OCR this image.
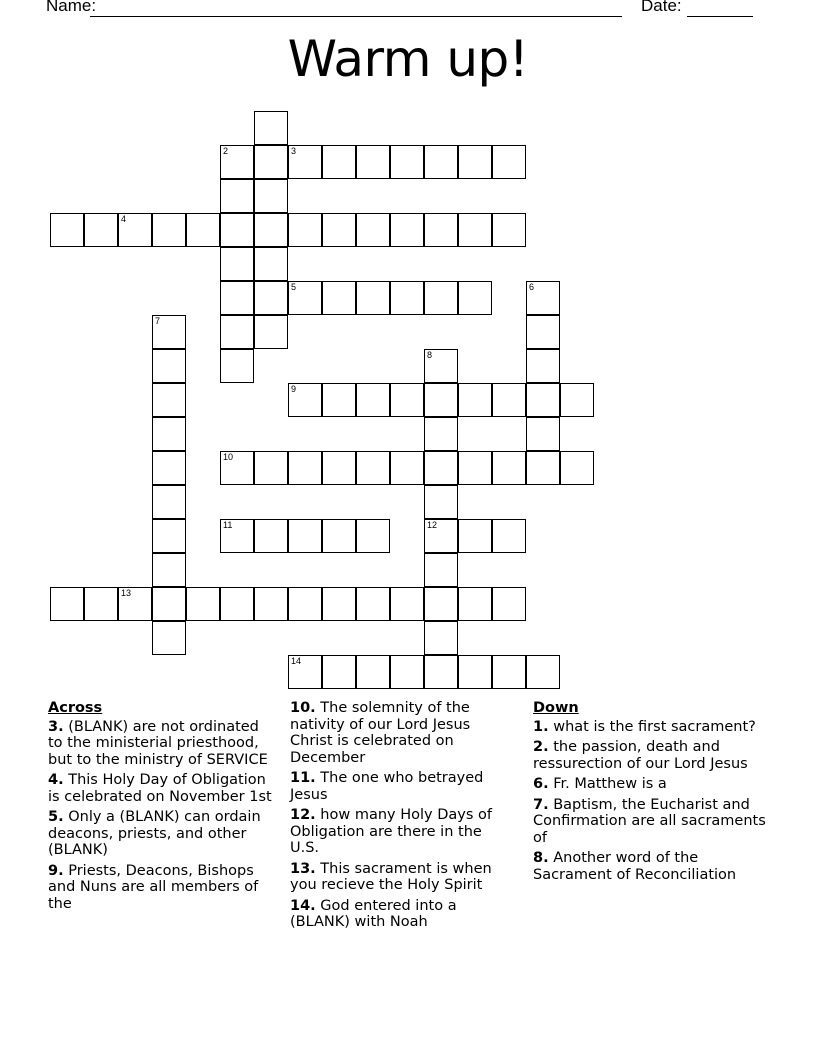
Name:	Date:
Warm up!
2	3
4
5	6
7
8
12
9
10
11
13
14
Across
3. (BLANK) are not ordinated to the ministerial priesthood, but to the ministry of SERVICE
4. This Holy Day of Obligation is celebrated on November 1st
5. Only a (BLANK) can ordain deacons, priests, and other (BLANK)
9. Priests, Deacons, Bishops and Nuns are all members of the
10. The solemnity of the nativity of our Lord Jesus Christ is celebrated on December
11. The one who betrayed Jesus
12. how many Holy Days of Obligation are there in the U.S.
13. This sacrament is when you recieve the Holy Spirit
14. God entered into a (BLANK) with Noah
Down
1. what is the first sacrament?
2. the passion, death and ressurection of our Lord Jesus
6. Fr. Matthew is a
7. Baptism, the Eucharist and Confirmation are all sacraments of
8. Another word of the Sacrament of Reconciliation
